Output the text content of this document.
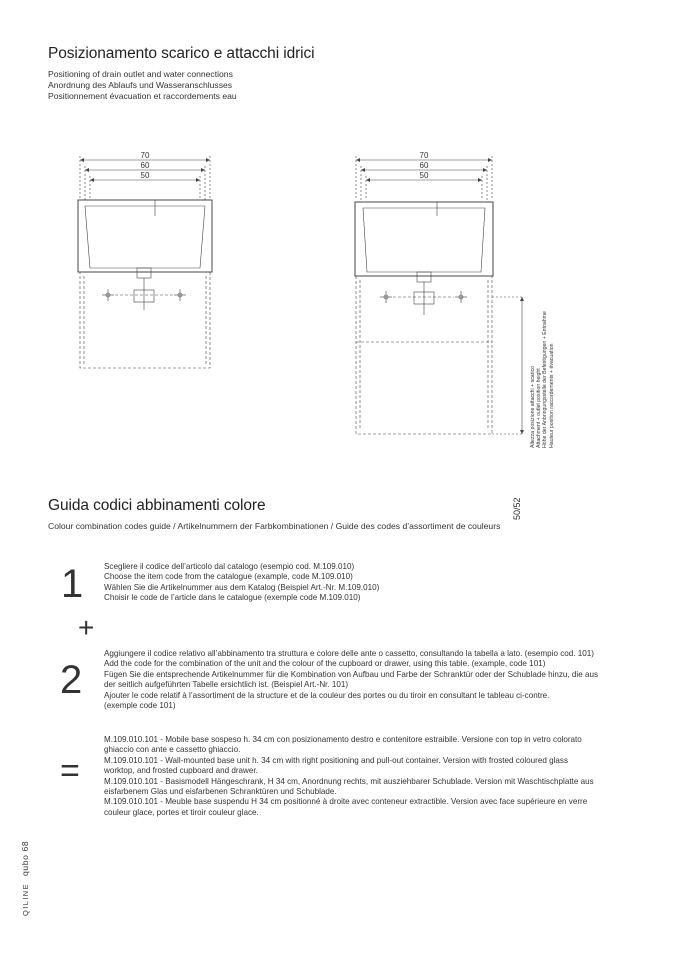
Posizionamento scarico e attacchi idrici
Positioning of drain outlet and water connections
Anordnung des Ablaufs und Wasseranschlusses
Positionnement évacuation et raccordements eau
70
60
50
70
60
50
50/52
Altezza posizione attacchi + scarico Attachment + outlet position height Höhe der Anbringungsstelle der Befestigungen + Entnahme Hauteur position raccordements + évacuation
Guida codici abbinamenti colore
Colour combination codes guide / Artikelnummern der Farbkombinationen / Guide des codes d’assortiment de couleurs
1	Scegliere il codice dell’articolo dal catalogo (esempio cod. M.109.010)
Choose the item code from the catalogue (example, code M.109.010)
Wählen Sie die Artikelnummer aus dem Katalog (Beispiel Art.-Nr. M.109.010)
Choisir le code de l’article dans le catalogue (exemple code M.109.010)
+
2
Aggiungere il codice relativo all’abbinamento tra struttura e colore delle ante o cassetto, consultando la tabella a lato. (esempio cod. 101)
Add the code for the combination of the unit and the colour of the cupboard or drawer, using this table. (example, code 101)
Fügen Sie die entsprechende Artikelnummer für die Kombination von Aufbau und Farbe der Schranktür oder der Schublade hinzu, die aus
der seitlich aufgeführten Tabelle ersichtlich ist. (Beispiel Art.-Nr. 101)
Ajouter le code relatif à l’assortiment de la structure et de la couleur des portes ou du tiroir en consultant le tableau ci-contre.
(exemple code 101)
=
M.109.010.101 - Mobile base sospeso h. 34 cm con posizionamento destro e contenitore estraibile. Versione con top in vetro colorato
ghiaccio con ante e cassetto ghiaccio.
M.109.010.101 - Wall-mounted base unit h. 34 cm with right positioning and pull-out container. Version with frosted coloured glass
worktop, and frosted cupboard and drawer.
M.109.010.101 - Basismodell Hängeschrank, H 34 cm, Anordnung rechts, mit ausziehbarer Schublade. Version mit Waschtischplatte aus
eisfarbenem Glas und eisfarbenen Schranktüren und Schublade.
M.109.010.101 - Meuble base suspendu H 34 cm positionné à droite avec conteneur extractible. Version avec face supérieure en verre
couleur glace, portes et tiroir couleur glace.
QILINE qubo 68
